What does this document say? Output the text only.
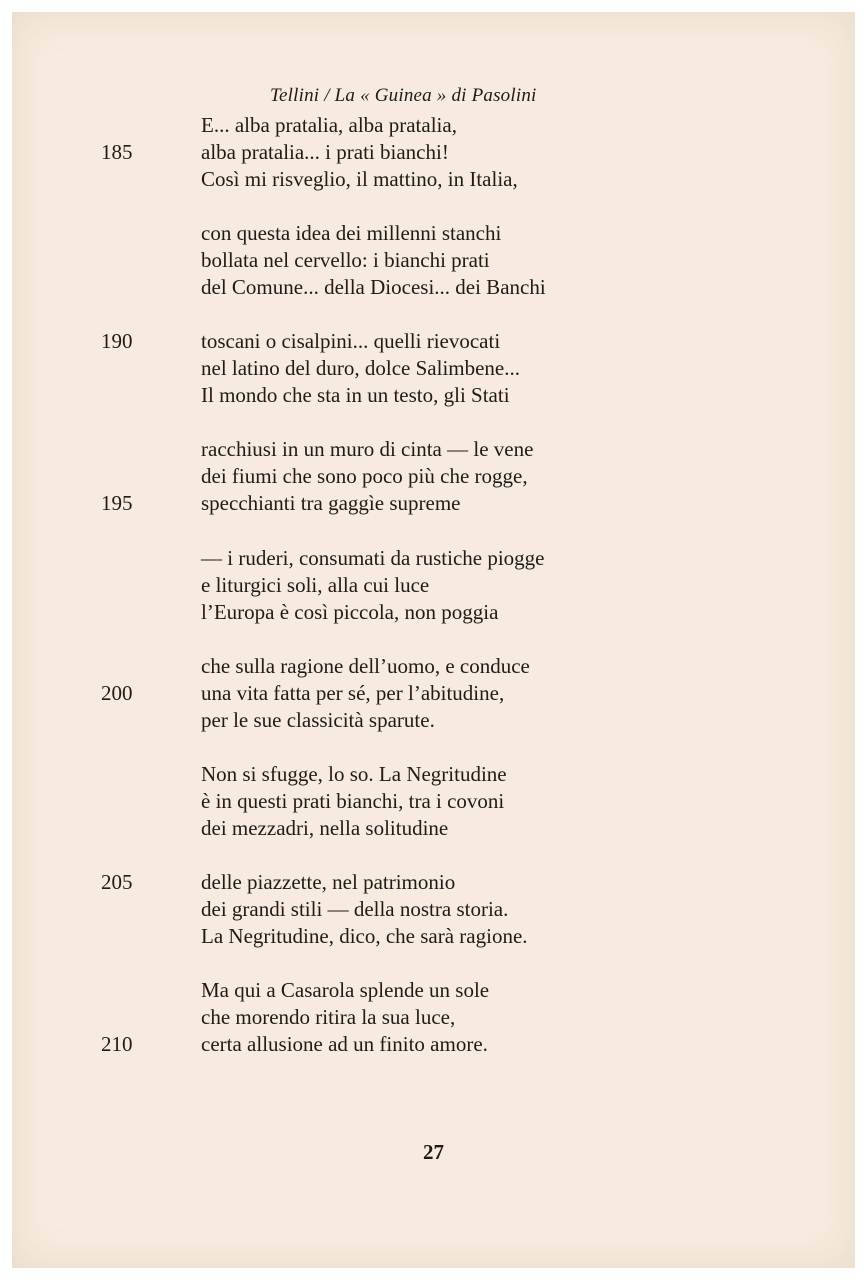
Tellini / La « Guinea » di Pasolini
E... alba pratalia, alba pratalia,
alba pratalia... i prati bianchi!
Così mi risveglio, il mattino, in Italia,
con questa idea dei millenni stanchi
bollata nel cervello: i bianchi prati
del Comune... della Diocesi... dei Banchi
toscani o cisalpini... quelli rievocati
nel latino del duro, dolce Salimbene...
Il mondo che sta in un testo, gli Stati
racchiusi in un muro di cinta — le vene
dei fiumi che sono poco più che rogge,
specchianti tra gaggìe supreme
— i ruderi, consumati da rustiche piogge
e liturgici soli, alla cui luce
l’Europa è così piccola, non poggia
che sulla ragione dell’uomo, e conduce
una vita fatta per sé, per l’abitudine,
per le sue classicità sparute.
Non si sfugge, lo so. La Negritudine
è in questi prati bianchi, tra i covoni
dei mezzadri, nella solitudine
delle piazzette, nel patrimonio
dei grandi stili — della nostra storia.
La Negritudine, dico, che sarà ragione.
Ma qui a Casarola splende un sole
che morendo ritira la sua luce,
certa allusione ad un finito amore.
185
190
195
200
205
210
27
